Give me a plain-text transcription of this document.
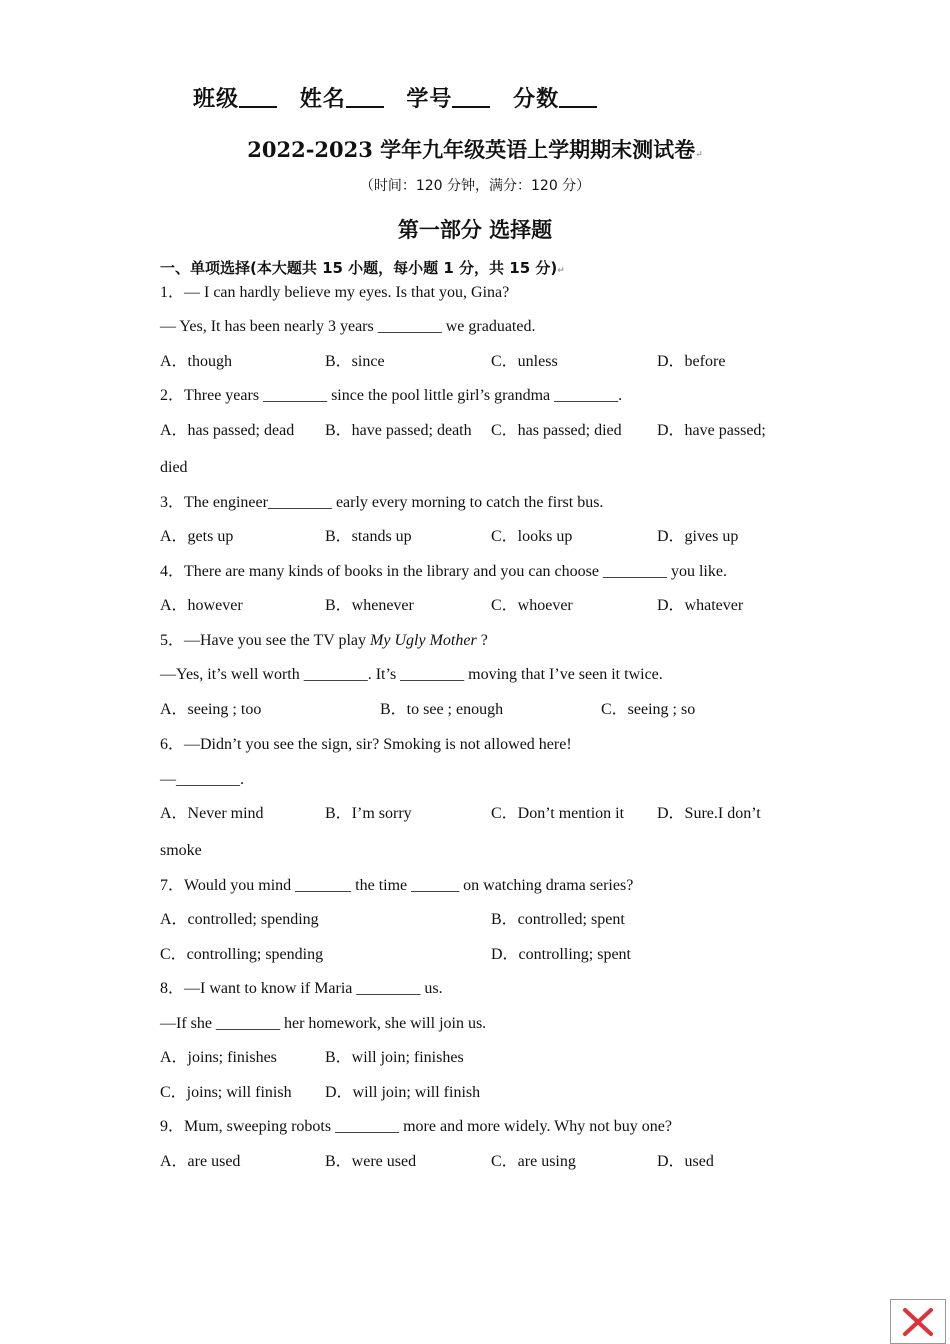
班级	姓名	学号	分数
2022-2023 学年九年级英语上学期期末测试卷↵
（时间：120 分钟，满分：120 分）
第一部分 选择题
一、单项选择(本大题共 15 小题，每小题 1 分，共 15 分)↵
1．— I can hardly believe my eyes. Is that you, Gina?
— Yes, It has been nearly 3 years ________ we graduated.
A．though	B．since	C．unless	D．before
2．Three years ________ since the pool little girl’s grandma ________.
A．has passed; dead B．have passed; death C．has passed; died D．have passed;
died
3．The engineer________ early every morning to catch the first bus.
A．gets up	B．stands up	C．looks up	D．gives up
4．There are many kinds of books in the library and you can choose ________ you like.
A．however	B．whenever	C．whoever	D．whatever
5．—Have you see the TV play My Ugly Mother ?
—Yes, it’s well worth ________. It’s ________ moving that I’ve seen it twice.
A．seeing ; too	B．to see ; enough	C．seeing ; so
6．—Didn’t you see the sign, sir? Smoking is not allowed here!
—________.
A．Never mind	B．I’m sorry	C．Don’t mention it D．Sure.I don’t
smoke
7．Would you mind _______ the time ______ on watching drama series?
A．controlled; spending	B．controlled; spent
C．controlling; spending	D．controlling; spent
8．—I want to know if Maria ________ us.
—If she ________ her homework, she will join us.
A．joins; finishes	B．will join; finishes
C．joins; will finish D．will join; will finish
9．Mum, sweeping robots ________ more and more widely. Why not buy one?
A．are used	B．were used	C．are using	D．used
